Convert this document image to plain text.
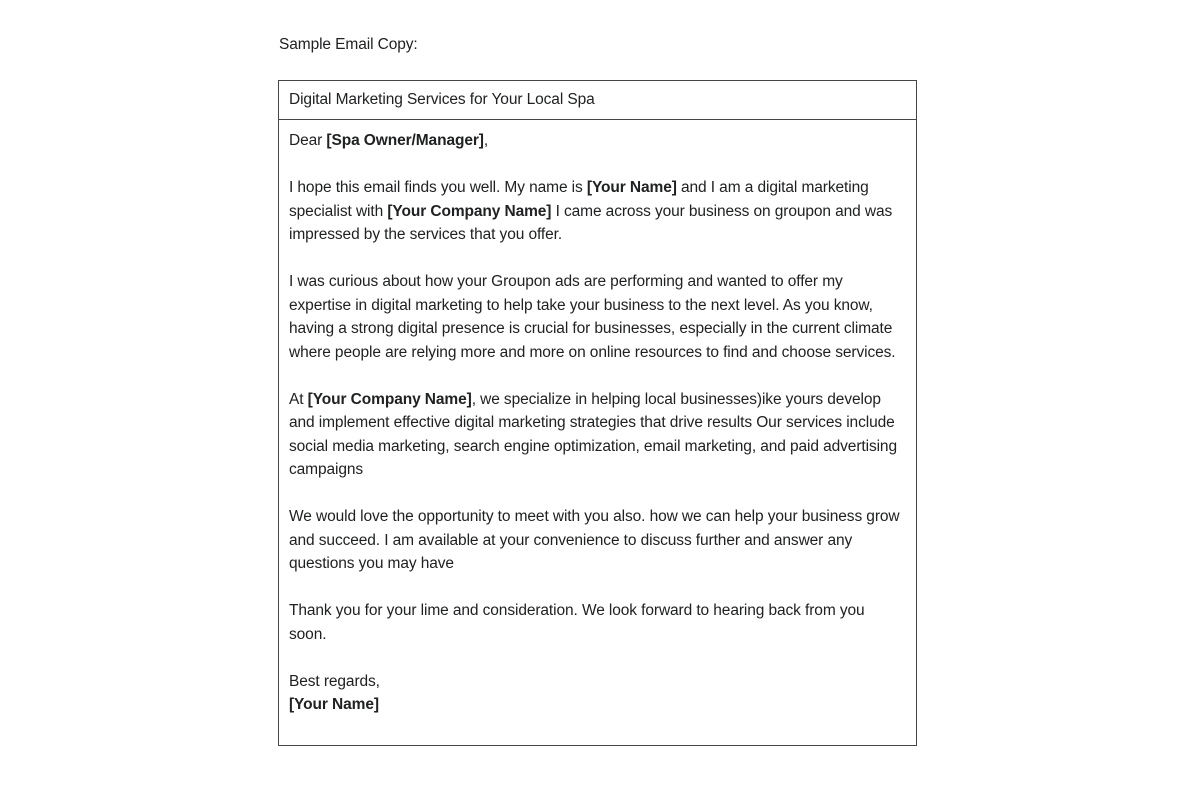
Sample Email Copy:
Digital Marketing Services for Your Local Spa

Dear [Spa Owner/Manager],

I hope this email finds you well. My name is [Your Name] and I am a digital marketing specialist with [Your Company Name] I came across your business on groupon and was impressed by the services that you offer.

I was curious about how your Groupon ads are performing and wanted to offer my expertise in digital marketing to help take your business to the next level. As you know, having a strong digital presence is crucial for businesses, especially in the current climate where people are relying more and more on online resources to find and choose services.

At [Your Company Name], we specialize in helping local businesses)ike yours develop and implement effective digital marketing strategies that drive results Our services include social media marketing, search engine optimization, email marketing, and paid advertising campaigns

We would love the opportunity to meet with you also. how we can help your business grow and succeed. I am available at your convenience to discuss further and answer any questions you may have

Thank you for your lime and consideration. We look forward to hearing back from you soon.

Best regards,
[Your Name]
